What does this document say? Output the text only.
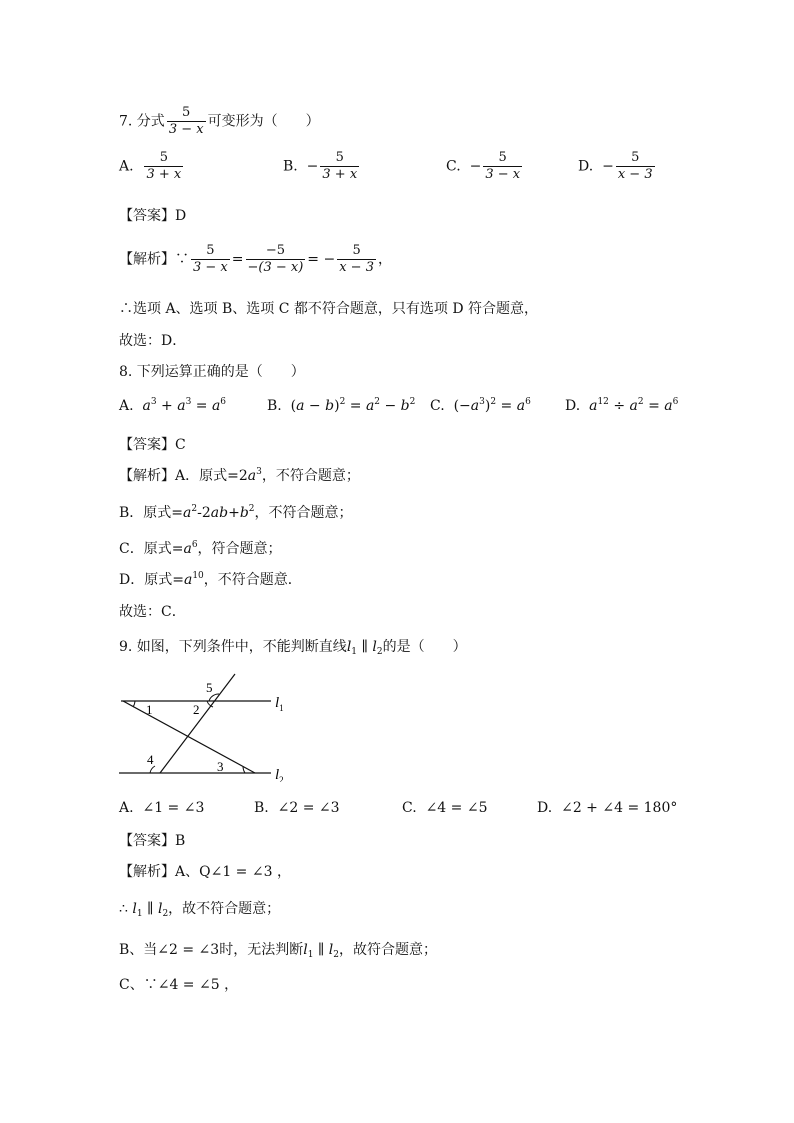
7. 分式 $\frac{5}{3 - x}$ 可变形为（　　）
A. $\frac{5}{3 + x}$	B. − $\frac{5}{3 + x}$	C. − $\frac{5}{3 - x}$	D. − $\frac{5}{x - 3}$
【答案】D
【解析】∵ $\frac{5}{3 - x} = \frac{-5}{-(3 - x)}$ = − $\frac{5}{x - 3}$ ，
∴选项 A、选项 B、选项 C 都不符合题意，只有选项 D 符合题意，
故选：D．
8. 下列运算正确的是（　　）
A. $a^3 + a^3 = a^6$	B.  $(a - b)^2 = a^2 - b^2$ C.  $(-a^3)^2 = a^6$ D. $a^{12} \div a^2 = a^6$
【答案】C
【解析】A．原式$=2a^3$，不符合题意；
B．原式$=a^2-2ab+b^2$，不符合题意；
C．原式$=a^6$，符合题意；
D．原式$=a^{10}$，不符合题意．
故选：C．
9. 如图，下列条件中，不能判断直线$l_1$ ∥ $l_2$的是（　　）
1	2
3
4
5
$l_1$
$l_2$
A. ∠1 = ∠3	B. ∠2 = ∠3	C. ∠4 = ∠5	D. ∠2 + ∠4 = 180°
【答案】B
【解析】A、Q∠1 = ∠3 ，
∴ $l_1$ ∥ $l_2$，故不符合题意；
B、当∠2 = ∠3时，无法判断$l_1$ ∥ $l_2$，故符合题意；
C、∵∠4 = ∠5 ，
